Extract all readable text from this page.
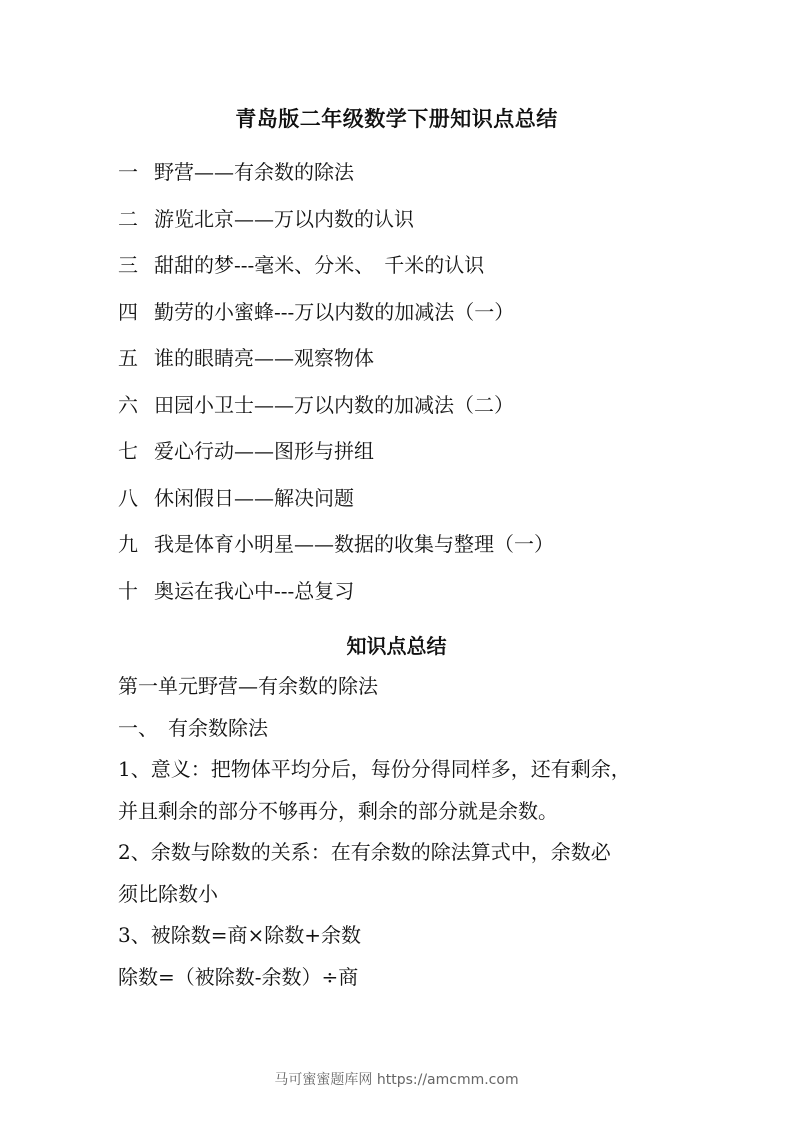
青岛版二年级数学下册知识点总结
一 野营——有余数的除法
二 游览北京——万以内数的认识
三 甜甜的梦---毫米、分米、　千米的认识
四 勤劳的小蜜蜂---万以内数的加减法（一）
五 谁的眼睛亮——观察物体
六 田园小卫士——万以内数的加减法（二）
七 爱心行动——图形与拼组
八 休闲假日——解决问题
九 我是体育小明星——数据的收集与整理（一）
十 奥运在我心中---总复习
知识点总结
第一单元野营—有余数的除法
一、　有余数除法
1、意义：把物体平均分后，每份分得同样多，还有剩余，
并且剩余的部分不够再分，剩余的部分就是余数。
2、余数与除数的关系：在有余数的除法算式中，余数必
须比除数小
3、被除数=商×除数+余数
除数=（被除数-余数）÷商
马可蜜蜜题库网 https://amcmm.com
